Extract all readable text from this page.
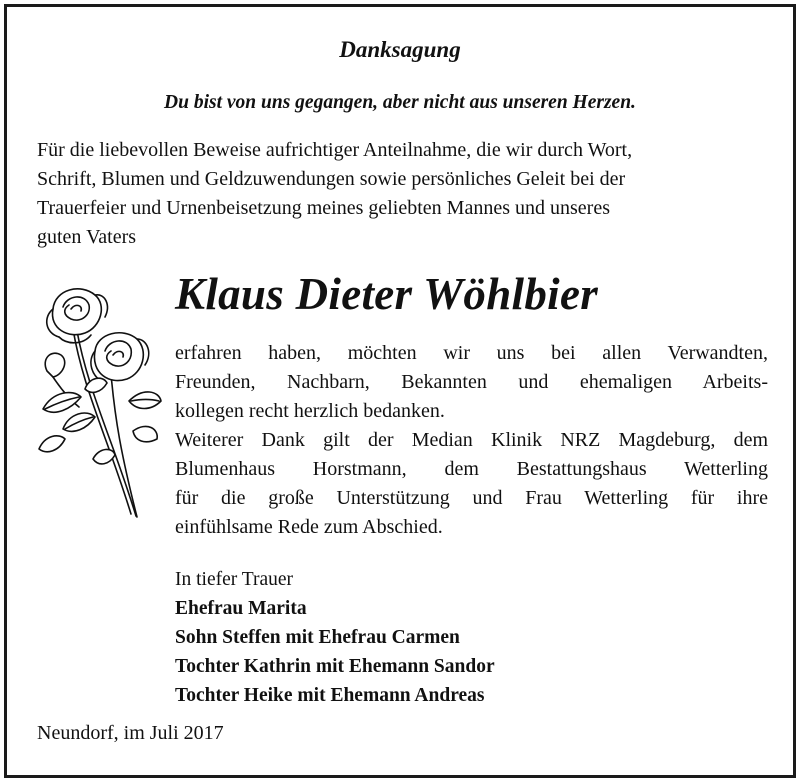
Danksagung
Du bist von uns gegangen, aber nicht aus unseren Herzen.
Für die liebevollen Beweise aufrichtiger Anteilnahme, die wir durch Wort,
Schrift, Blumen und Geldzuwendungen sowie persönliches Geleit bei der
Trauerfeier und Urnenbeisetzung meines geliebten Mannes und unseres
guten Vaters
Klaus Dieter Wöhlbier
erfahren haben, möchten wir uns bei allen Verwandten,
Freunden, Nachbarn, Bekannten und ehemaligen Arbeits-
kollegen recht herzlich bedanken.
Weiterer Dank gilt der Median Klinik NRZ Magdeburg, dem
Blumenhaus Horstmann, dem Bestattungshaus Wetterling
für die große Unterstützung und Frau Wetterling für ihre
einfühlsame Rede zum Abschied.
In tiefer Trauer
Ehefrau Marita
Sohn Steffen mit Ehefrau Carmen
Tochter Kathrin mit Ehemann Sandor
Tochter Heike mit Ehemann Andreas
Neundorf, im Juli 2017
